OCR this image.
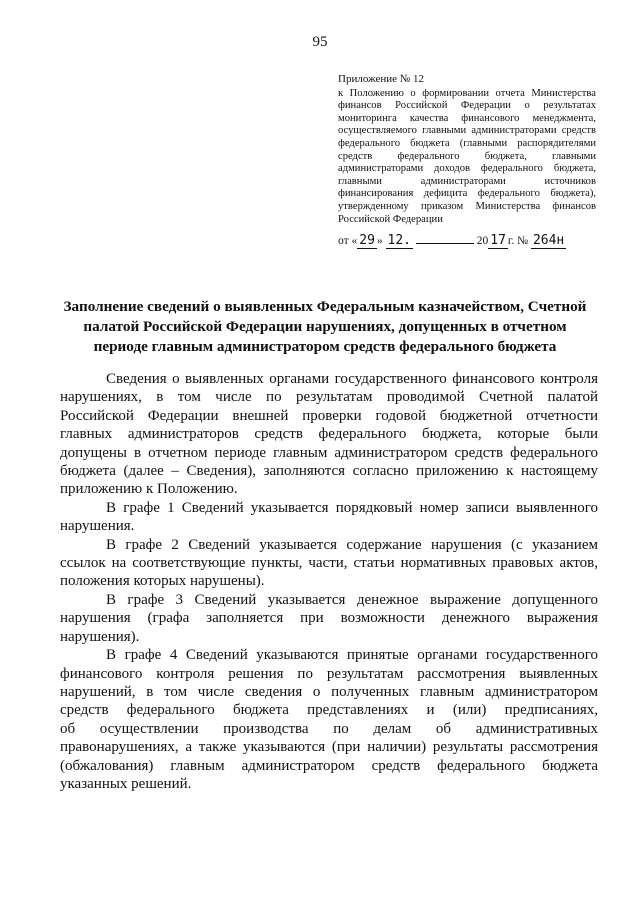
95
Приложение № 12
к Положению о формировании отчета Министерства
финансов Российской Федерации о результатах
мониторинга качества финансового менеджмента,
осуществляемого главными администраторами средств
федерального бюджета (главными распорядителями
средств федерального бюджета, главными
администраторами доходов федерального бюджета,
главными администраторами источников
финансирования дефицита федерального бюджета),
утвержденному приказом Министерства финансов
Российской Федерации
от « 29 » 12.	20 17 г. № 264н
Заполнение сведений о выявленных Федеральным казначейством, Счетной
палатой Российской Федерации нарушениях, допущенных в отчетном
периоде главным администратором средств федерального бюджета

Сведения о выявленных органами государственного финансового контроля
нарушениях, в том числе по результатам проводимой Счетной палатой
Российской Федерации внешней проверки годовой бюджетной отчетности
главных администраторов средств федерального бюджета, которые были
допущены в отчетном периоде главным администратором средств федерального
бюджета (далее – Сведения), заполняются согласно приложению к настоящему
приложению к Положению.

В графе 1 Сведений указывается порядковый номер записи выявленного
нарушения.

В графе 2 Сведений указывается содержание нарушения (с указанием
ссылок на соответствующие пункты, части, статьи нормативных правовых актов,
положения которых нарушены).

В графе 3 Сведений указывается денежное выражение допущенного
нарушения (графа заполняется при возможности денежного выражения
нарушения).

В графе 4 Сведений указываются принятые органами государственного
финансового контроля решения по результатам рассмотрения выявленных
нарушений, в том числе сведения о полученных главным администратором
средств федерального бюджета представлениях и (или) предписаниях,
об осуществлении производства по делам об административных
правонарушениях, а также указываются (при наличии) результаты рассмотрения
(обжалования) главным администратором средств федерального бюджета
указанных решений.
